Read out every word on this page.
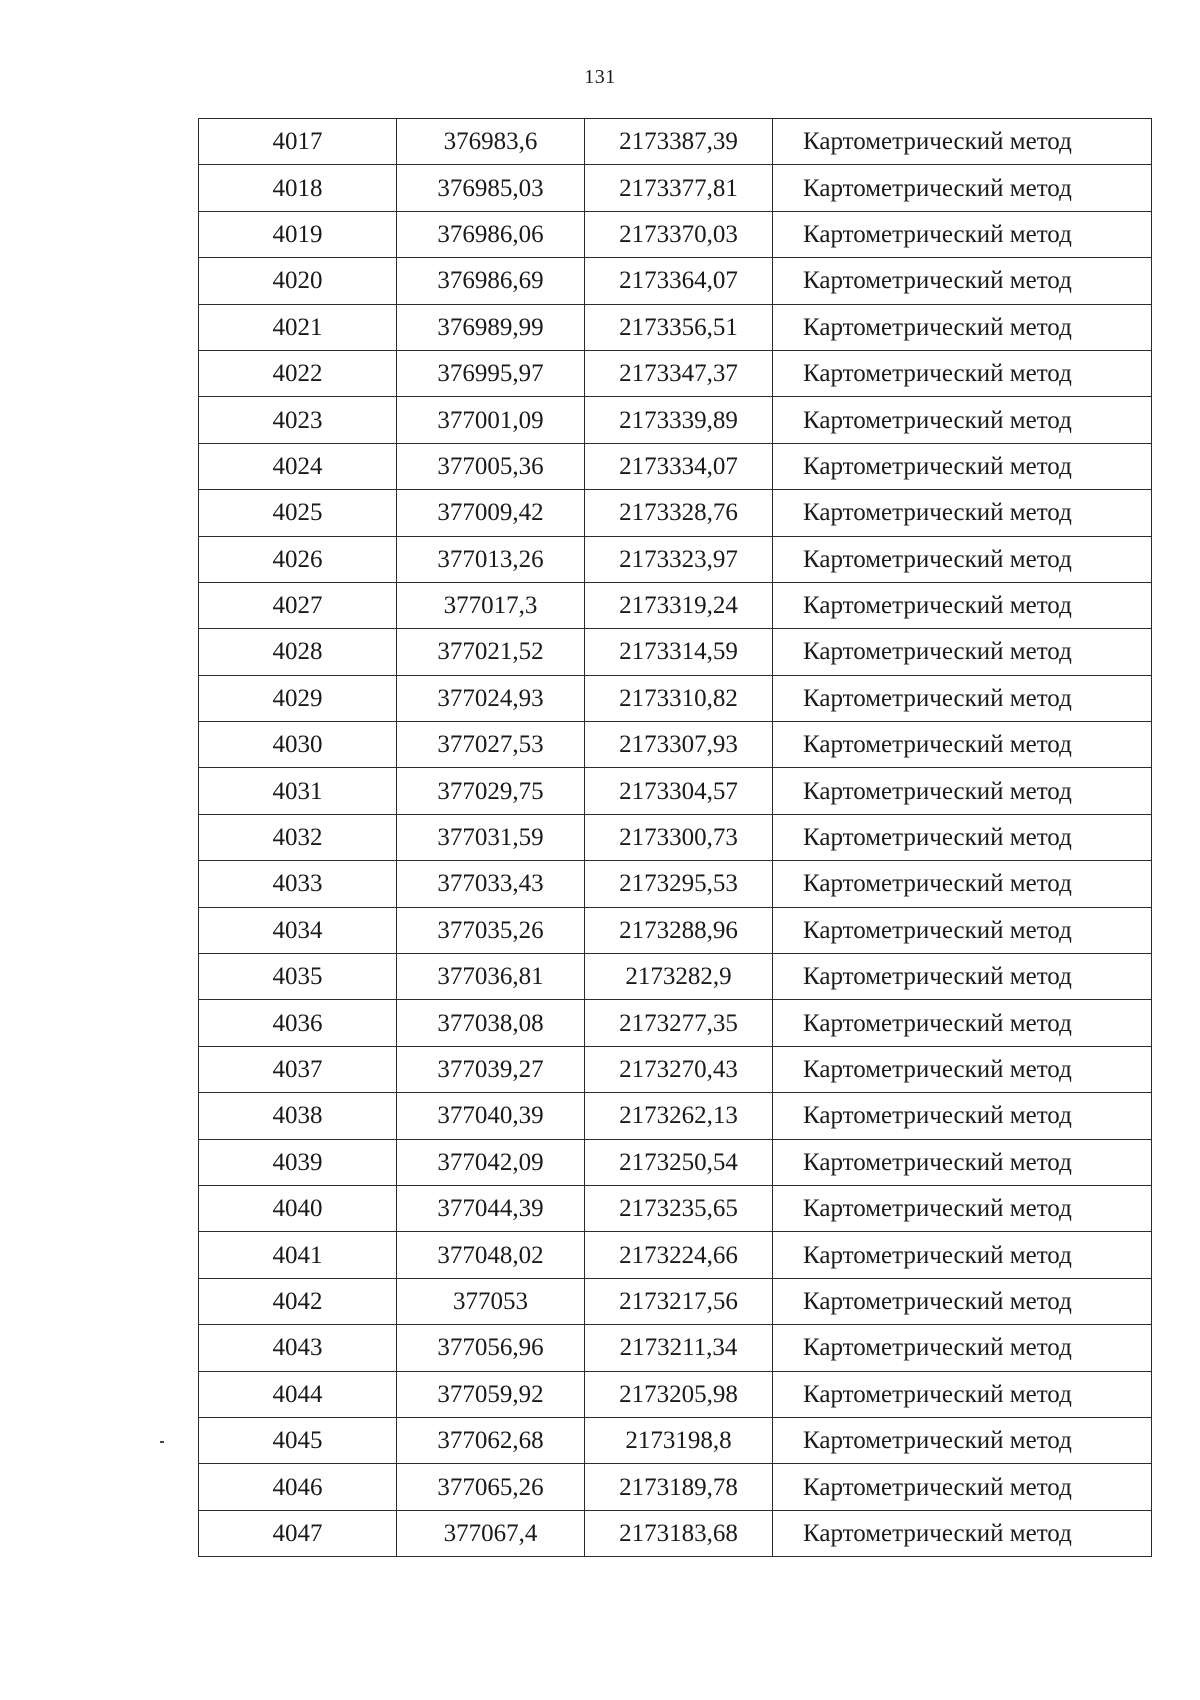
131
4017	376983,6	2173387,39	Картометрический метод
4018	376985,03	2173377,81	Картометрический метод
4019	376986,06	2173370,03	Картометрический метод
4020	376986,69	2173364,07	Картометрический метод
4021	376989,99	2173356,51	Картометрический метод
4022	376995,97	2173347,37	Картометрический метод
4023	377001,09	2173339,89	Картометрический метод
4024	377005,36	2173334,07	Картометрический метод
4025	377009,42	2173328,76	Картометрический метод
4026	377013,26	2173323,97	Картометрический метод
4027	377017,3	2173319,24	Картометрический метод
4028	377021,52	2173314,59	Картометрический метод
4029	377024,93	2173310,82	Картометрический метод
4030	377027,53	2173307,93	Картометрический метод
4031	377029,75	2173304,57	Картометрический метод
4032	377031,59	2173300,73	Картометрический метод
4033	377033,43	2173295,53	Картометрический метод
4034	377035,26	2173288,96	Картометрический метод
4035	377036,81	2173282,9	Картометрический метод
4036	377038,08	2173277,35	Картометрический метод
4037	377039,27	2173270,43	Картометрический метод
4038	377040,39	2173262,13	Картометрический метод
4039	377042,09	2173250,54	Картометрический метод
4040	377044,39	2173235,65	Картометрический метод
4041	377048,02	2173224,66	Картометрический метод
4042	377053	2173217,56	Картометрический метод
4043	377056,96	2173211,34	Картометрический метод
4044	377059,92	2173205,98	Картометрический метод
4045	377062,68	2173198,8	Картометрический метод
4046	377065,26	2173189,78	Картометрический метод
4047	377067,4	2173183,68	Картометрический метод
